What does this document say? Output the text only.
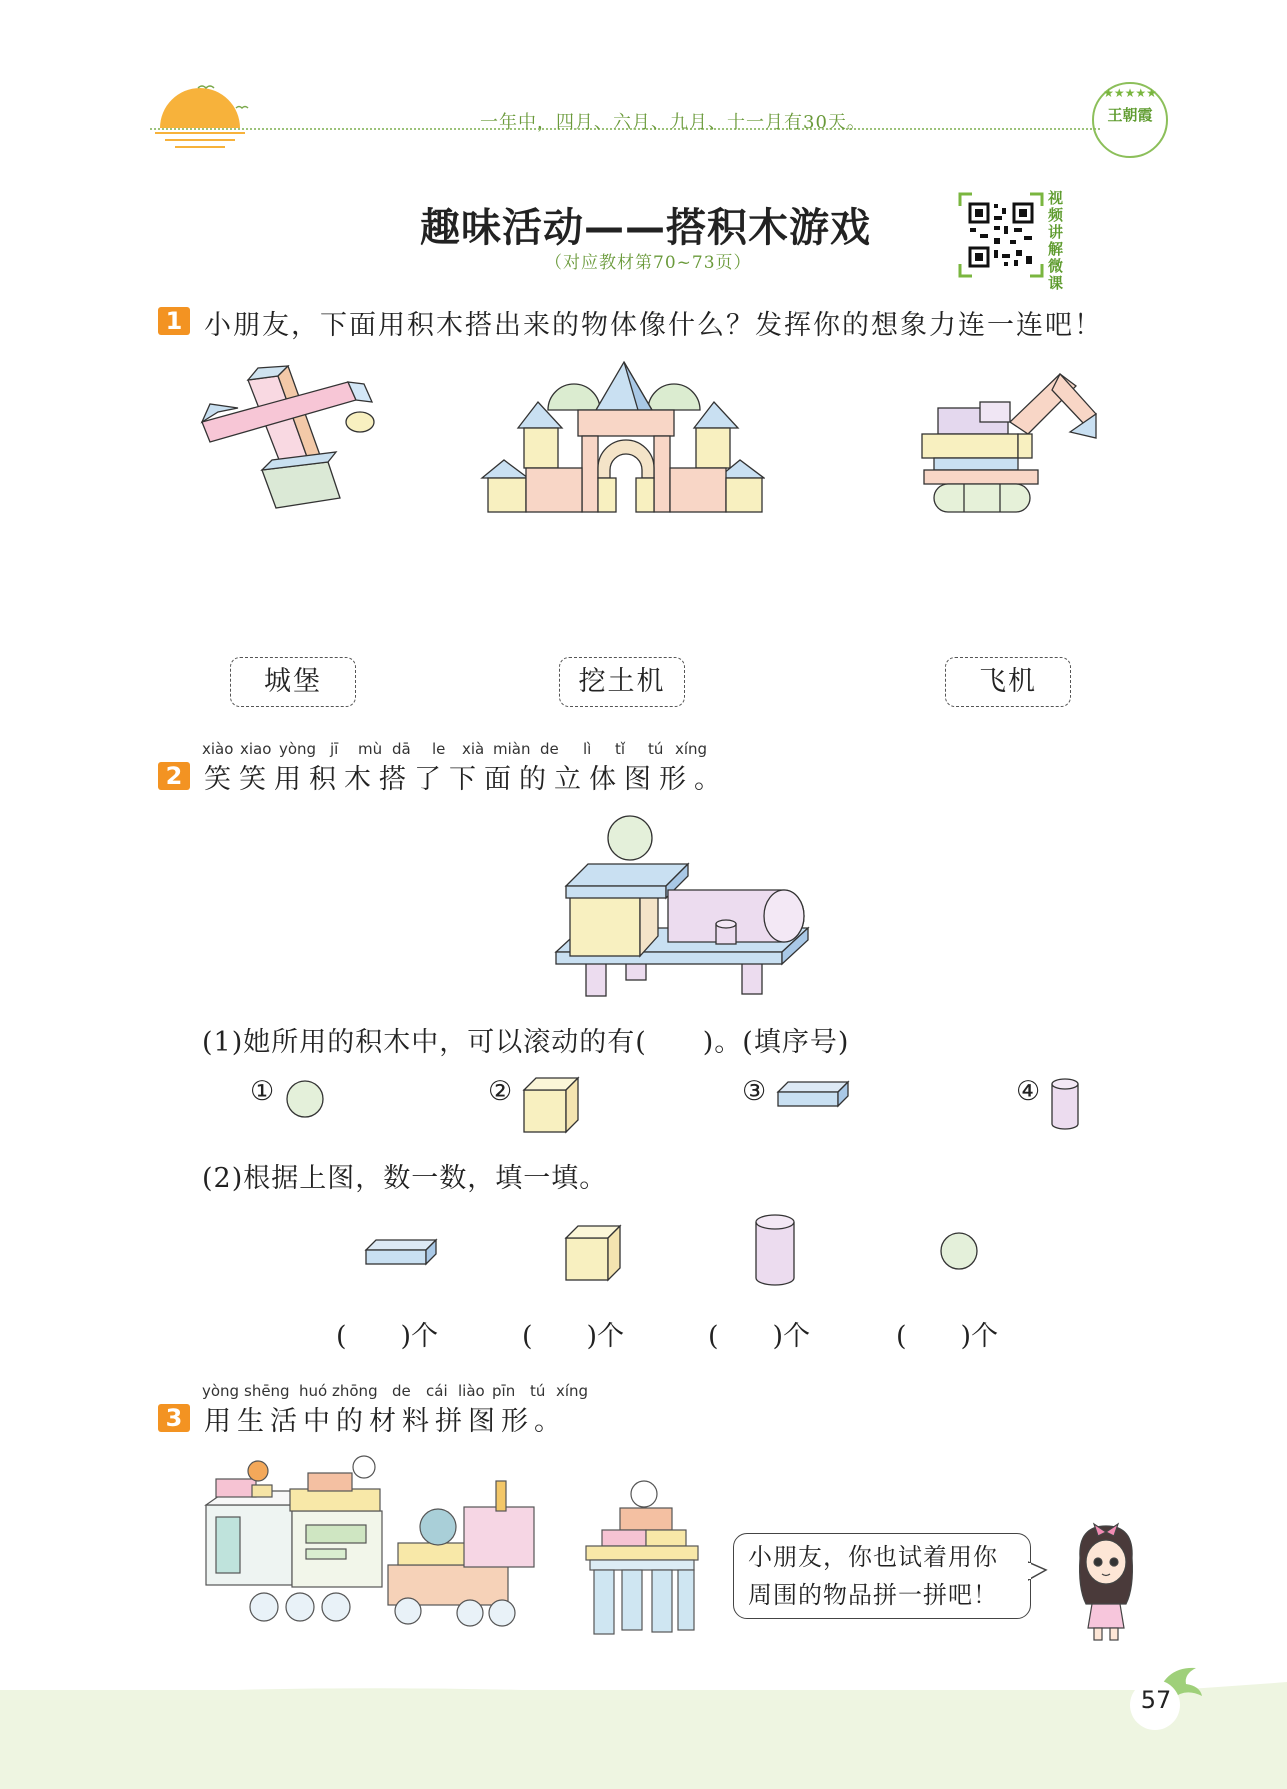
一年中，四月、六月、九月、十一月有30天。
★★★★★
王朝霞
趣味活动——搭积木游戏
（对应教材第70~73页）
视频讲解微课
1 小朋友，下面用积木搭出来的物体像什么？发挥你的想象力连一连吧！
城堡	挖土机	飞机
xiào xiao yòng jī mù dā le xià miàn de lì tǐ tú xíng
2 笑笑用积木搭了下面的立体图形。
(1)她所用的积木中，可以滚动的有(　　)。(填序号)
①	②	③	④
(2)根据上图，数一数，填一填。
(　　)个	(　　)个	(　　)个	(　　)个
yòng shēng huó zhōng de cái liào pīn tú xíng
3 用生活中的材料拼图形。
小朋友，你也试着用你
周围的物品拼一拼吧！
57
